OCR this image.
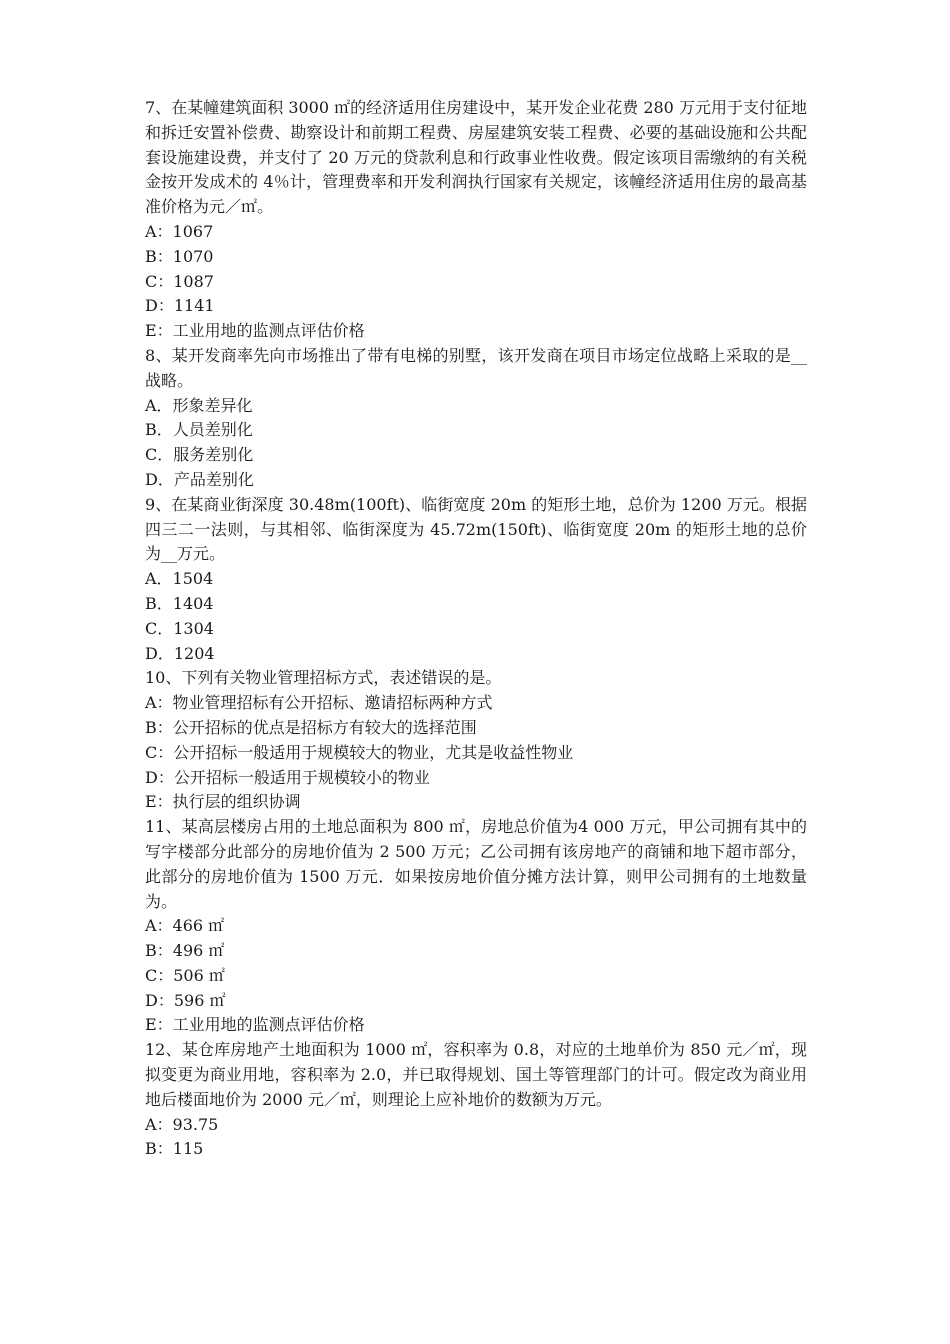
7、在某幢建筑面积 3000 ㎡的经济适用住房建设中，某开发企业花费 280 万元用于支付征地和拆迁安置补偿费、勘察设计和前期工程费、房屋建筑安装工程费、必要的基础设施和公共配套设施建设费，并支付了 20 万元的贷款利息和行政事业性收费。假定该项目需缴纳的有关税金按开发成术的 4％计，管理费率和开发利润执行国家有关规定，该幢经济适用住房的最高基准价格为元／㎡。

A：1067

B：1070

C：1087

D：1141

E：工业用地的监测点评估价格

8、某开发商率先向市场推出了带有电梯的别墅，该开发商在项目市场定位战略上采取的是__战略。

A．形象差异化

B．人员差别化

C．服务差别化

D．产品差别化

9、在某商业街深度 30.48m(100ft)、临街宽度 20m 的矩形土地，总价为 1200 万元。根据四三二一法则，与其相邻、临街深度为 45.72m(150ft)、临街宽度 20m 的矩形土地的总价为__万元。

A．1504

B．1404

C．1304

D．1204

10、下列有关物业管理招标方式，表述错误的是。

A：物业管理招标有公开招标、邀请招标两种方式

B：公开招标的优点是招标方有较大的选择范围

C：公开招标一般适用于规模较大的物业，尤其是收益性物业

D：公开招标一般适用于规模较小的物业

E：执行层的组织协调

11、某高层楼房占用的土地总面积为 800 ㎡，房地总价值为4 000 万元，甲公司拥有其中的写字楼部分此部分的房地价值为 2 500 万元；乙公司拥有该房地产的商铺和地下超市部分，此部分的房地价值为 1500 万元．如果按房地价值分摊方法计算，则甲公司拥有的土地数量为。

A：466 ㎡

B：496 ㎡

C：506 ㎡

D：596 ㎡

E：工业用地的监测点评估价格

12、某仓库房地产土地面积为 1000 ㎡，容积率为 0.8，对应的土地单价为 850 元／㎡，现拟变更为商业用地，容积率为 2.0，并已取得规划、国土等管理部门的计可。假定改为商业用地后楼面地价为 2000 元／㎡，则理论上应补地价的数额为万元。

A：93.75

B：115
